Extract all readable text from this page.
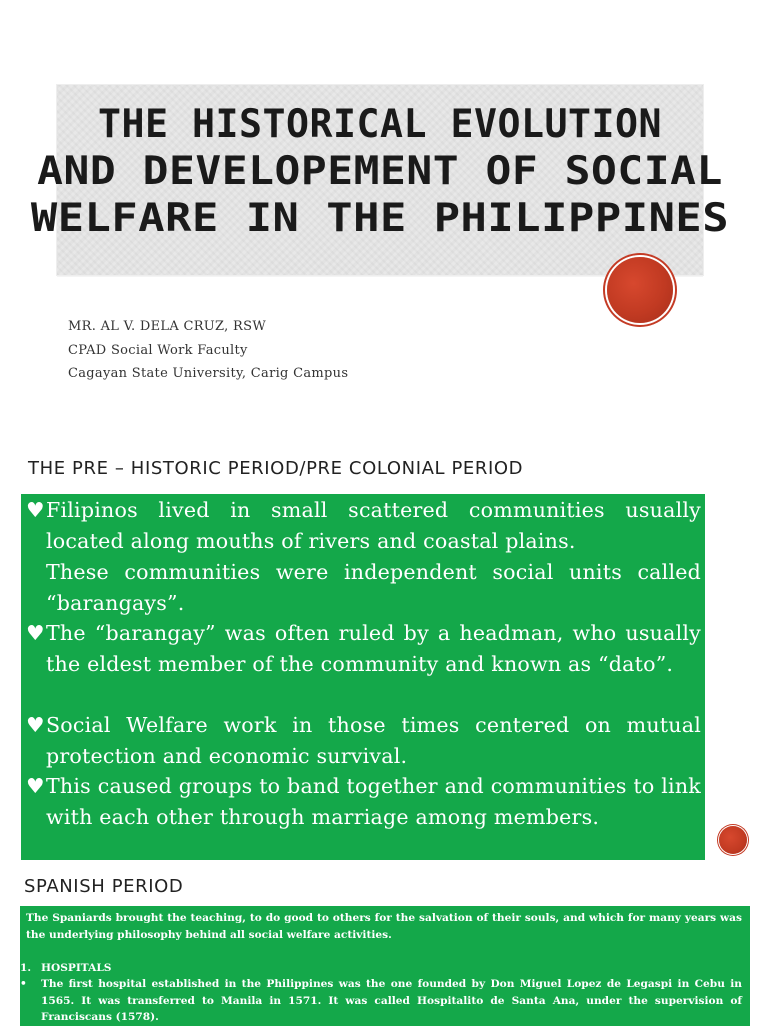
THE HISTORICAL EVOLUTION
AND DEVELOPEMENT OF SOCIAL
WELFARE IN THE PHILIPPINES
MR. AL V. DELA CRUZ, RSW
CPAD Social Work Faculty
Cagayan State University, Carig Campus
THE PRE – HISTORIC PERIOD/PRE COLONIAL PERIOD
♥ Filipinos lived in small scattered communities usually located along mouths of rivers and coastal plains.
These communities were independent social units called “barangays”.
♥ The “barangay” was often ruled by a headman, who usually the eldest member of the community and known as “dato”.
♥ Social Welfare work in those times centered on mutual protection and economic survival.
♥ This caused groups to band together and communities to link with each other through marriage among members.
SPANISH PERIOD
The Spaniards brought the teaching, to do good to others for the salvation of their souls, and which for many years was the underlying philosophy behind all social welfare activities.
1. HOSPITALS
• The first hospital established in the Philippines was the one founded by Don Miguel Lopez de Legaspi in Cebu in 1565. It was transferred to Manila in 1571. It was called Hospitalito de Santa Ana, under the supervision of Franciscans (1578).
